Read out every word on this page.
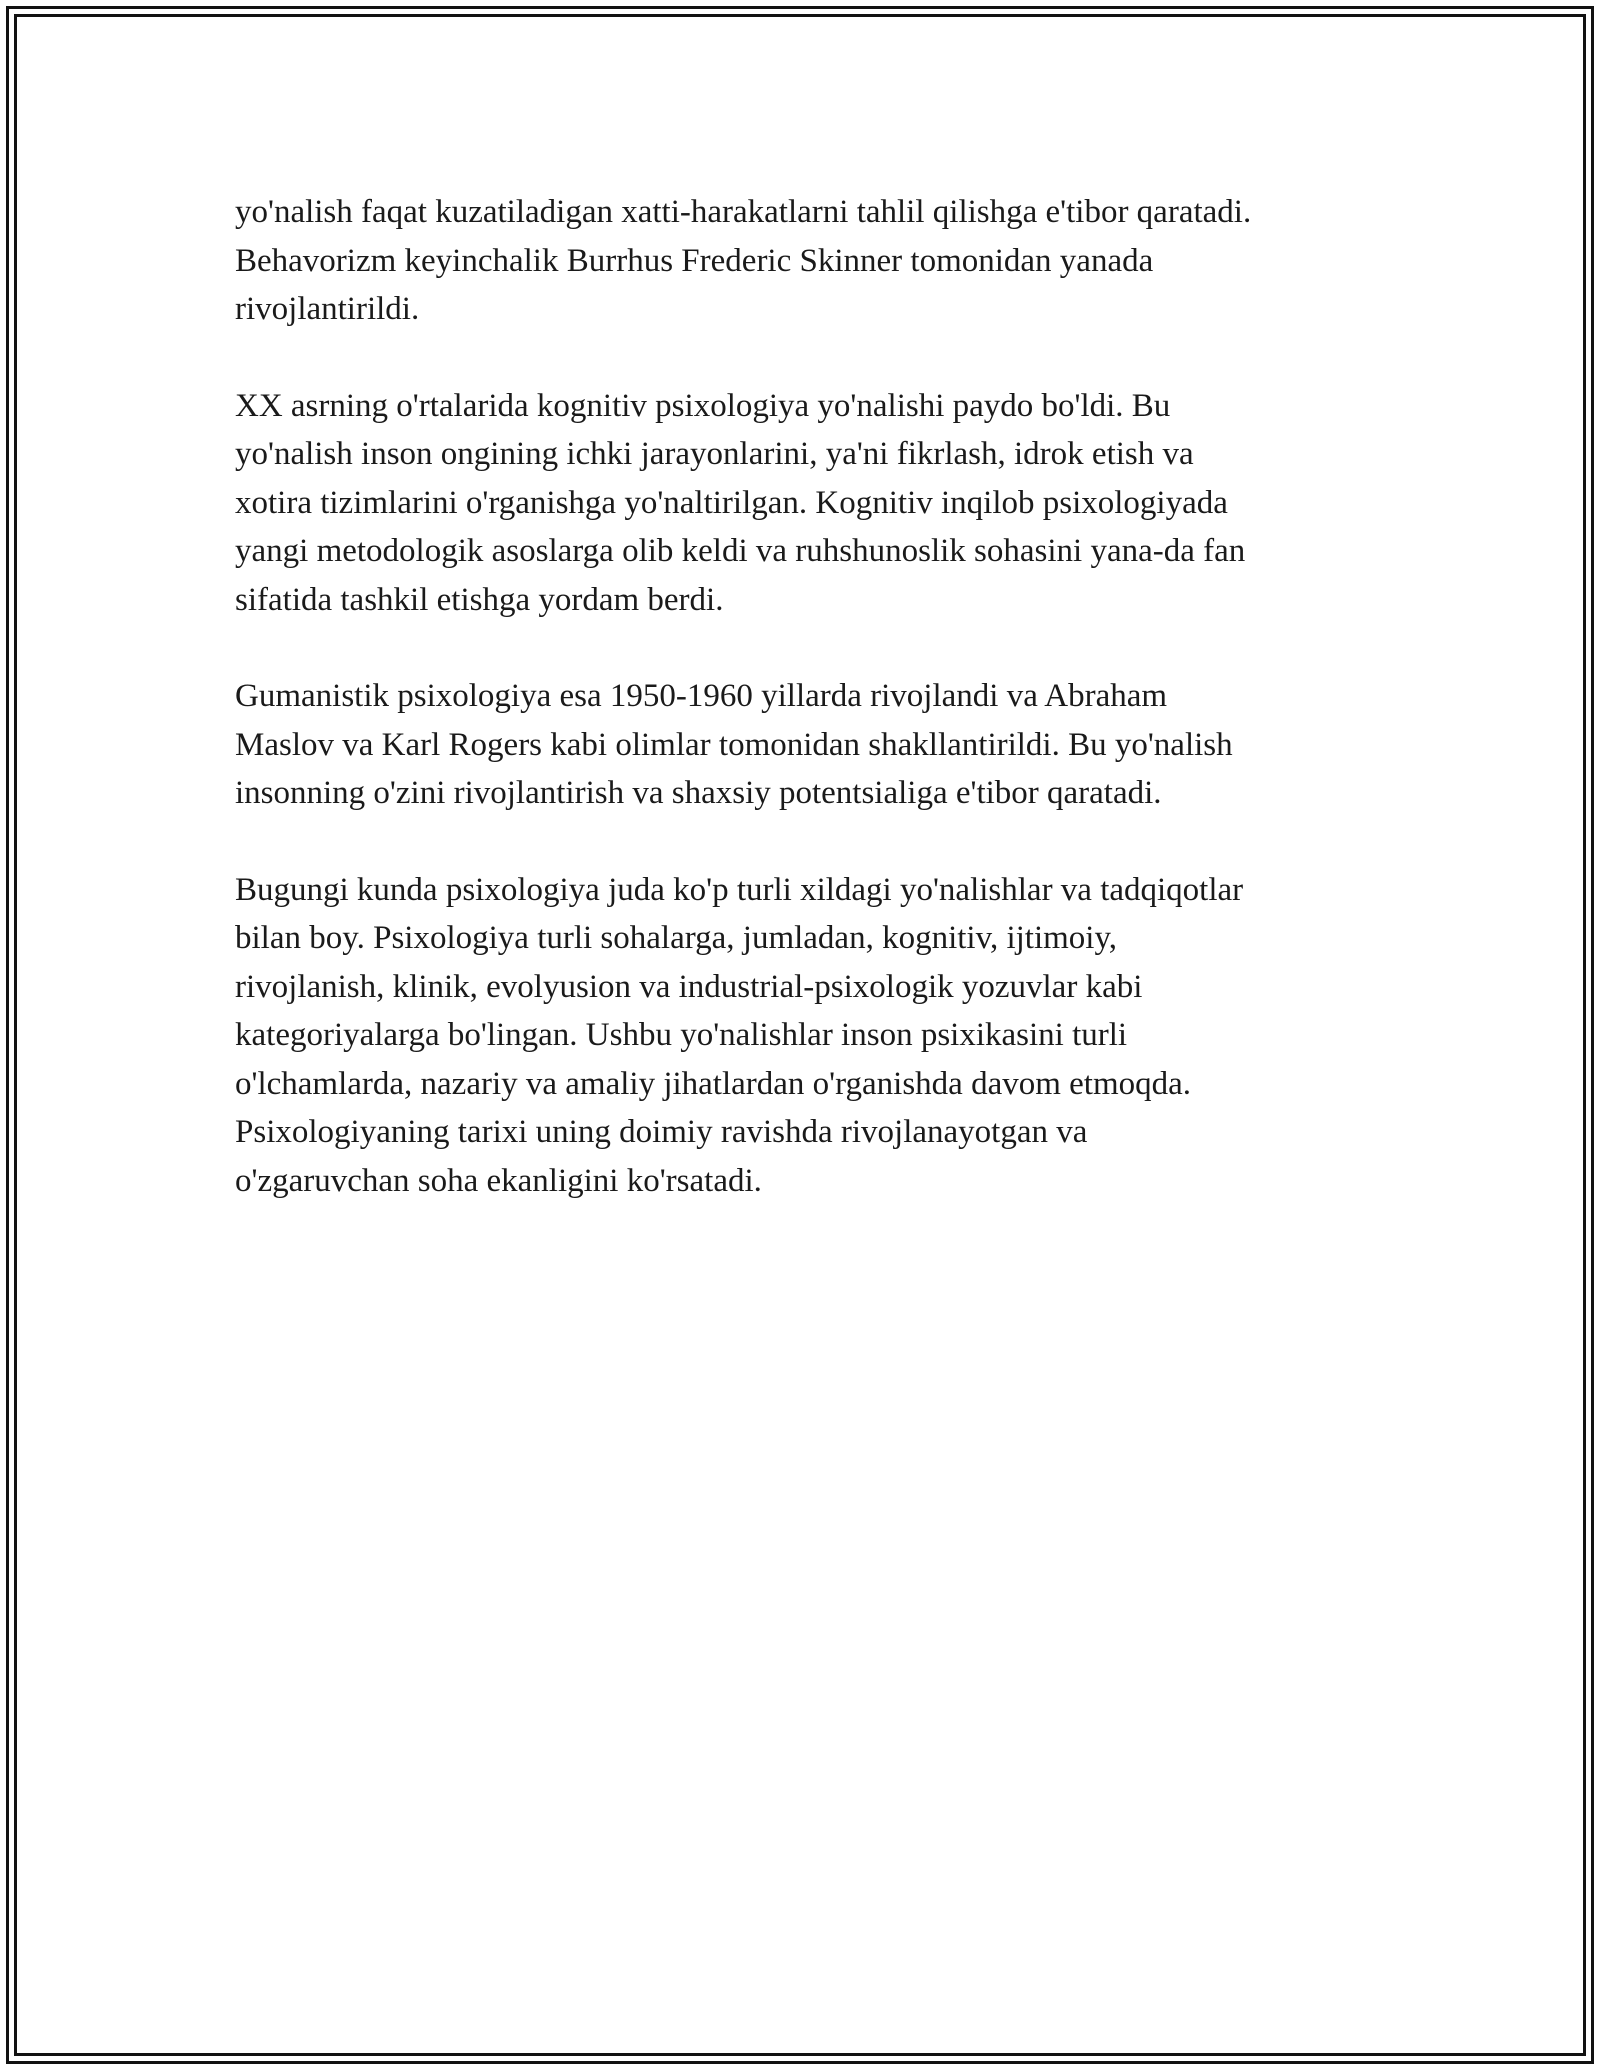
yo'nalish faqat kuzatiladigan xatti-harakatlarni tahlil qilishga e'tibor qaratadi.
Behavorizm keyinchalik Burrhus Frederic Skinner tomonidan yanada
rivojlantirildi.

XX asrning o'rtalarida kognitiv psixologiya yo'nalishi paydo bo'ldi. Bu
yo'nalish inson ongining ichki jarayonlarini, ya'ni fikrlash, idrok etish va
xotira tizimlarini o'rganishga yo'naltirilgan. Kognitiv inqilob psixologiyada
yangi metodologik asoslarga olib keldi va ruhshunoslik sohasini yana-da fan
sifatida tashkil etishga yordam berdi.

Gumanistik psixologiya esa 1950-1960 yillarda rivojlandi va Abraham
Maslov va Karl Rogers kabi olimlar tomonidan shakllantirildi. Bu yo'nalish
insonning o'zini rivojlantirish va shaxsiy potentsialiga e'tibor qaratadi.

Bugungi kunda psixologiya juda ko'p turli xildagi yo'nalishlar va tadqiqotlar
bilan boy. Psixologiya turli sohalarga, jumladan, kognitiv, ijtimoiy,
rivojlanish, klinik, evolyusion va industrial-psixologik yozuvlar kabi
kategoriyalarga bo'lingan. Ushbu yo'nalishlar inson psixikasini turli
o'lchamlarda, nazariy va amaliy jihatlardan o'rganishda davom etmoqda.
Psixologiyaning tarixi uning doimiy ravishda rivojlanayotgan va
o'zgaruvchan soha ekanligini ko'rsatadi.
